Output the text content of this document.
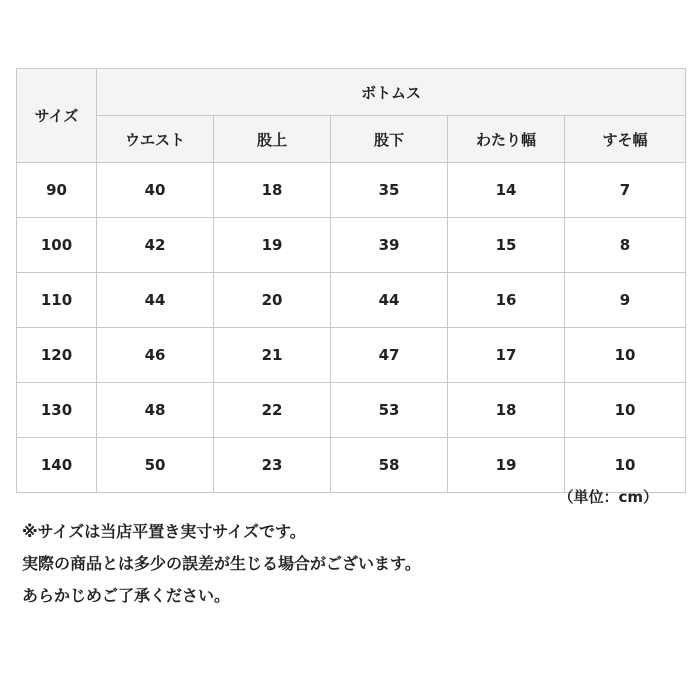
サイズ	ボトムス				
	ウエスト	股上	股下	わたり幅	すそ幅
90	40	18	35	14	7
100	42	19	39	15	8
110	44	20	44	16	9
120	46	21	47	17	10
130	48	22	53	18	10
140	50	23	58	19	10
（単位：cm）
※サイズは当店平置き実寸サイズです。
実際の商品とは多少の誤差が生じる場合がございます。
あらかじめご了承ください。
